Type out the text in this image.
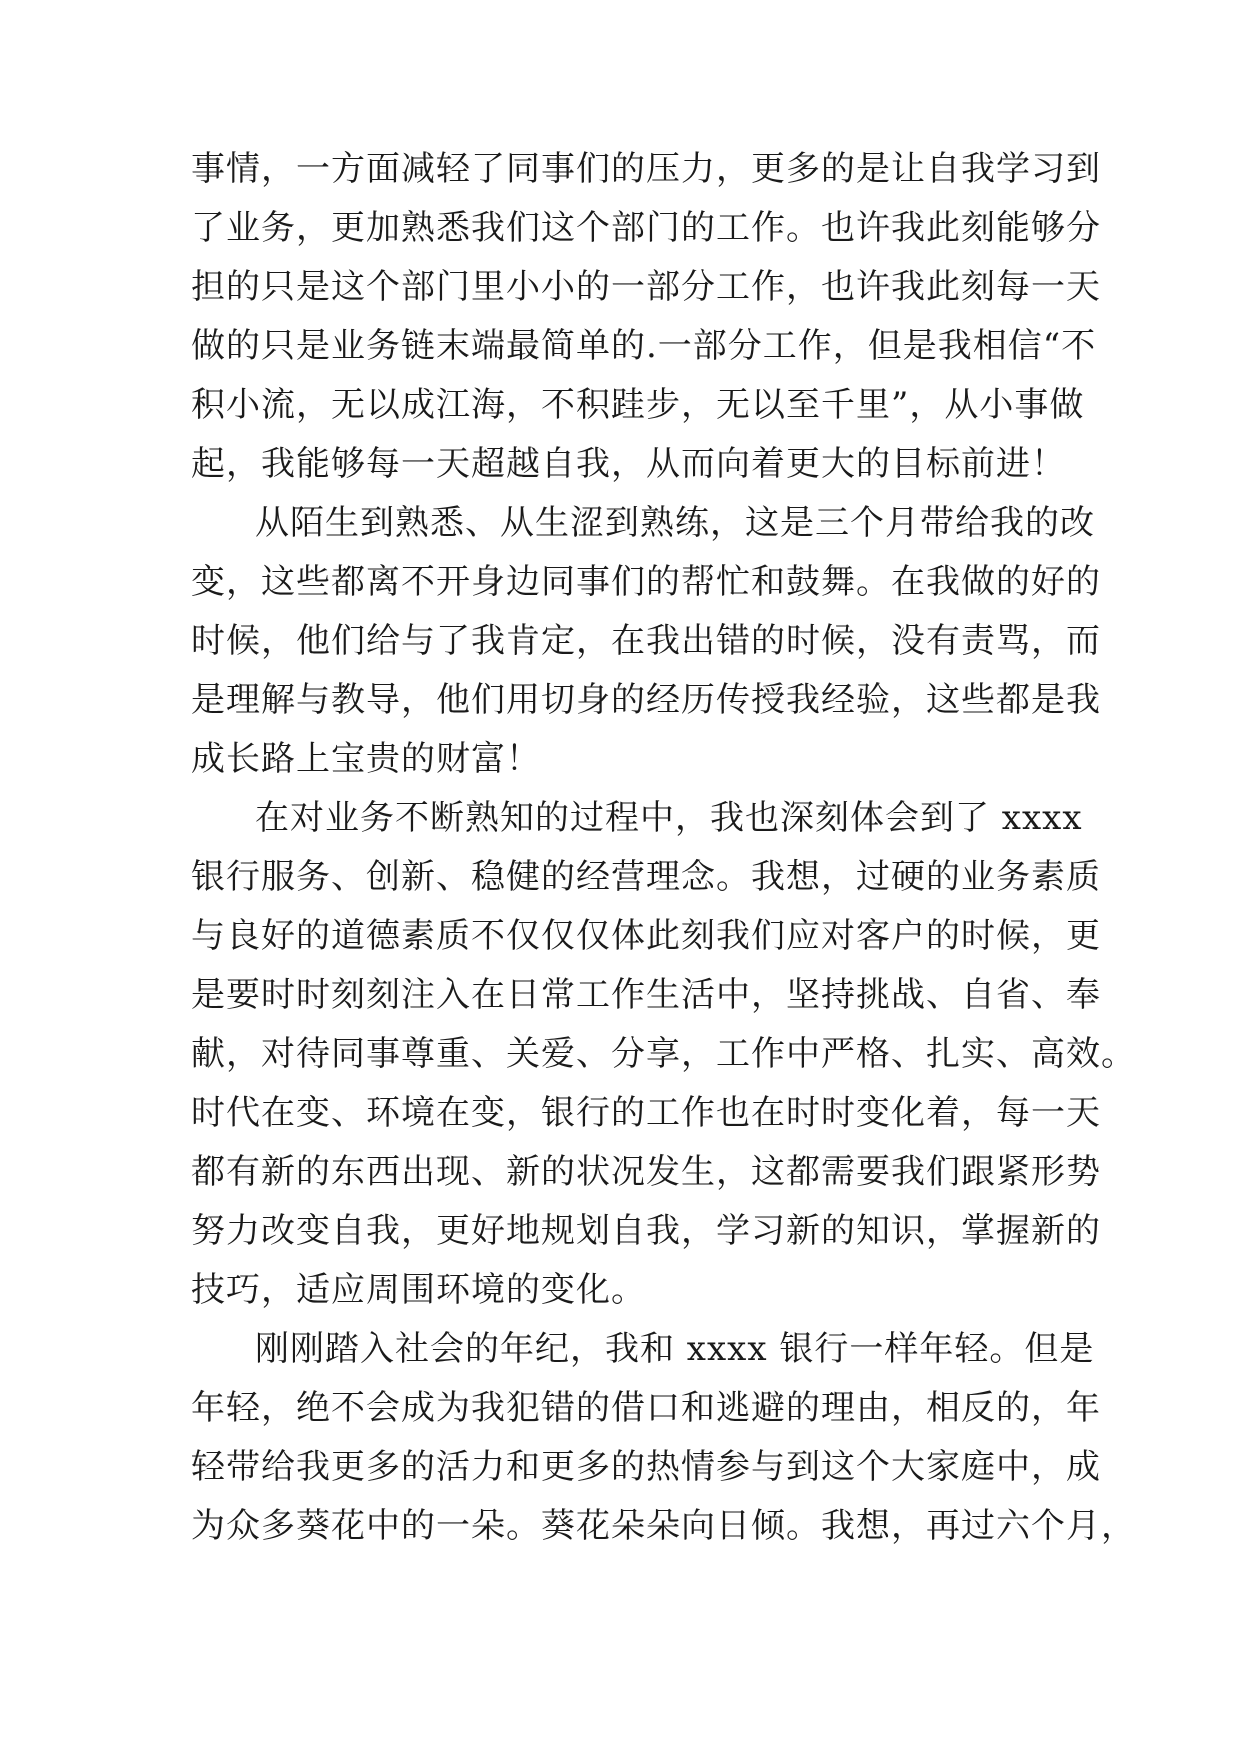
事情，一方面减轻了同事们的压力，更多的是让自我学习到
了业务，更加熟悉我们这个部门的工作。也许我此刻能够分
担的只是这个部门里小小的一部分工作，也许我此刻每一天
做的只是业务链末端最简单的.一部分工作，但是我相信“不
积小流，无以成江海，不积跬步，无以至千里”，从小事做
起，我能够每一天超越自我，从而向着更大的目标前进！
从陌生到熟悉、从生涩到熟练，这是三个月带给我的改
变，这些都离不开身边同事们的帮忙和鼓舞。在我做的好的
时候，他们给与了我肯定，在我出错的时候，没有责骂，而
是理解与教导，他们用切身的经历传授我经验，这些都是我
成长路上宝贵的财富！
在对业务不断熟知的过程中，我也深刻体会到了 xxxx
银行服务、创新、稳健的经营理念。我想，过硬的业务素质
与良好的道德素质不仅仅仅体此刻我们应对客户的时候，更
是要时时刻刻注入在日常工作生活中，坚持挑战、自省、奉
献，对待同事尊重、关爱、分享，工作中严格、扎实、高效。
时代在变、环境在变，银行的工作也在时时变化着，每一天
都有新的东西出现、新的状况发生，这都需要我们跟紧形势
努力改变自我，更好地规划自我，学习新的知识，掌握新的
技巧，适应周围环境的变化。
刚刚踏入社会的年纪，我和 xxxx 银行一样年轻。但是
年轻，绝不会成为我犯错的借口和逃避的理由，相反的，年
轻带给我更多的活力和更多的热情参与到这个大家庭中，成
为众多葵花中的一朵。葵花朵朵向日倾。我想，再过六个月，
